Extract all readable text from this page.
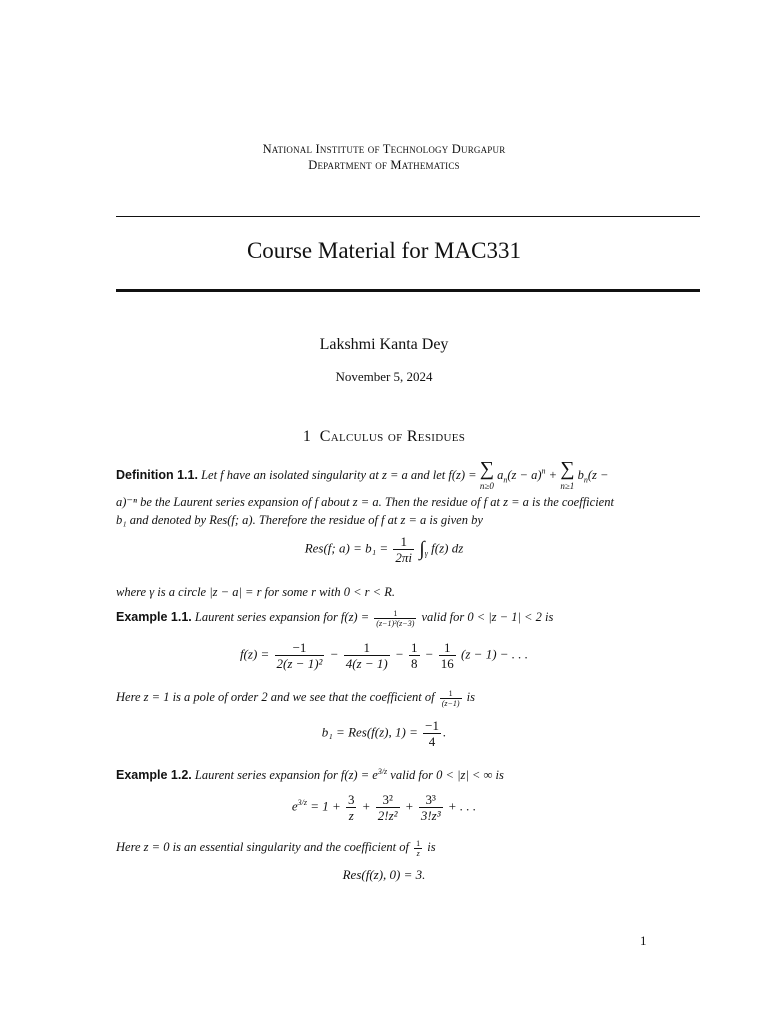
National Institute of Technology Durgapur
Department of Mathematics
Course Material for MAC331
Lakshmi Kanta Dey
November 5, 2024
1 Calculus of Residues
Definition 1.1. Let f have an isolated singularity at z = a and let f(z) = ∑
n≥0
$a_n(z - a)^n$ + ∑
n≥1
$b_n(z$ −
a)⁻ⁿ be the Laurent series expansion of f about z = a. Then the residue of f at z = a is the coefficient
b₁ and denoted by Res(f; a). Therefore the residue of f at z = a is given by
Res(f; $a) = b_1 = \frac{1}{2\pi i} \int_\gamma$ f(z) dz
where γ is a circle |z − a| = r for some r with 0 < r < R.
Example 1.1. Laurent series expansion for $f(z) = \frac{1}{\text{(z−1)²(z−3)}}$ valid for 0 < |z − 1| < 2 is
$f(z) = \frac{-1}{\text{2(z − 1)²}} - \frac{1}{4(z - 1)} - \frac{1}{8} - \frac{1}{16} (z - 1)$ − . . .
Here z = 1 is a pole of order 2 and we see that the coefficient of $\frac{1}{(z-1)}$ is
b₁ = Res(f(z), $1) = \frac{-1}{4}$ .
Example 1.2. Laurent series expansion for $f(z) = e^{3/z}$ valid for 0 < |z| < ∞ is
$e^{3/z} = 1 + \frac{3}{z} + \frac{\text{3²}}{\text{2!z²}} + \frac{\text{3³}}{\text{3!z³}}$ + . . .
Here z = 0 is an essential singularity and the coefficient of $\frac{1}{z}$ is
Res(f(z), 0) = 3.
1
